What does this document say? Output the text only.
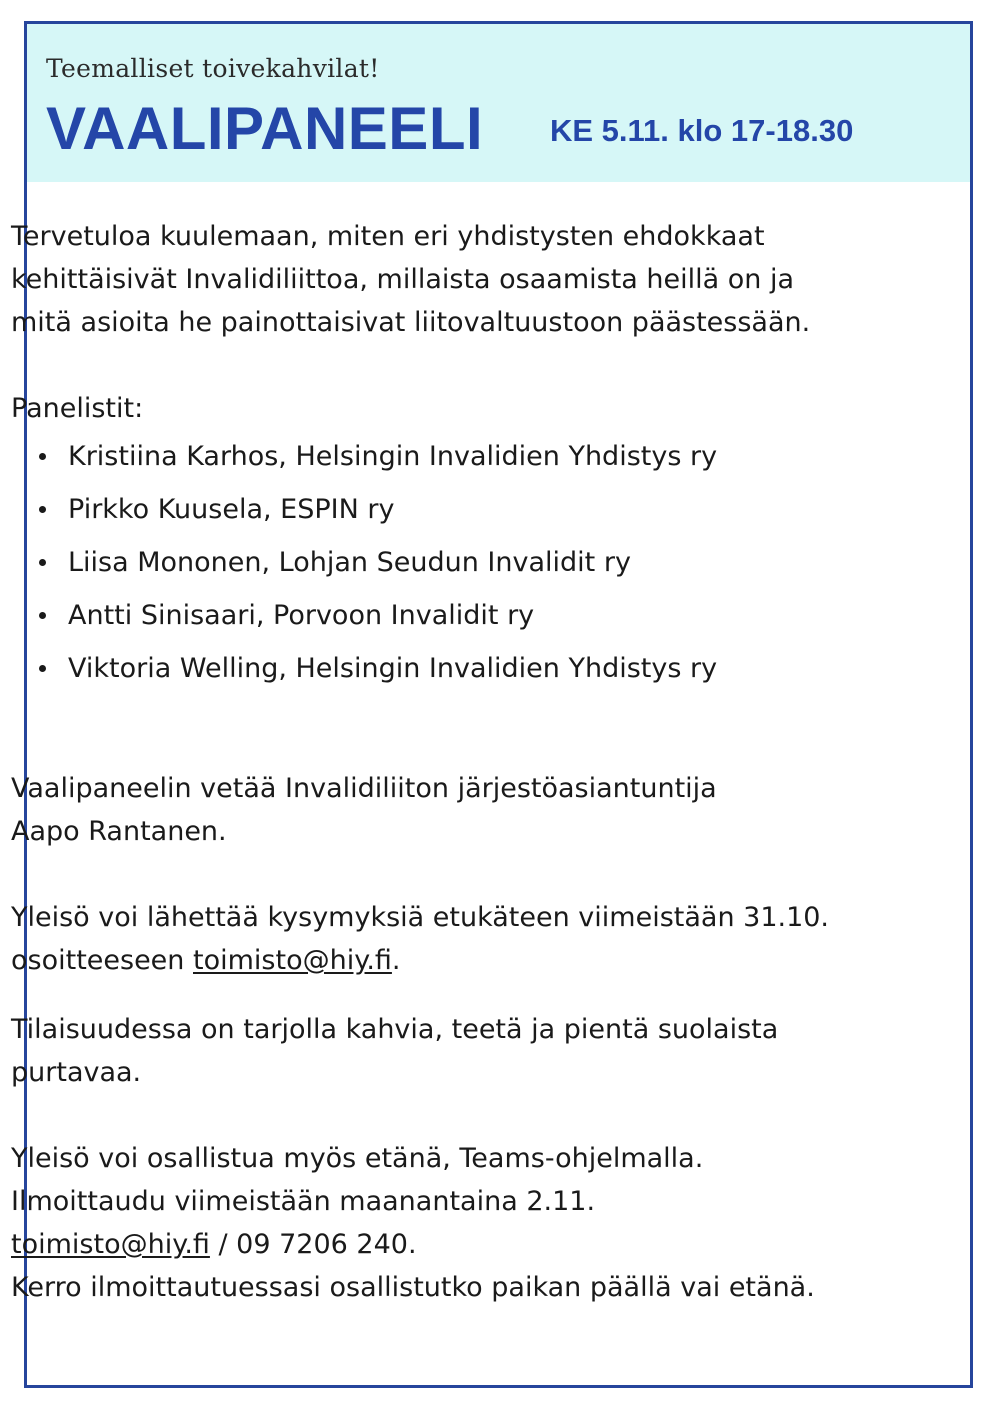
Teemalliset toivekahvilat!
VAALIPANEELI KE 5.11. klo 17-18.30

Tervetuloa kuulemaan, miten eri yhdistysten ehdokkaat

kehittäisivät Invalidiliittoa, millaista osaamista heillä on ja

mitä asioita he painottaisivat liitovaltuustoon päästessään.

Panelistit:

Kristiina Karhos, Helsingin Invalidien Yhdistys ry
Pirkko Kuusela, ESPIN ry
Liisa Mononen, Lohjan Seudun Invalidit ry
Antti Sinisaari, Porvoon Invalidit ry
Viktoria Welling, Helsingin Invalidien Yhdistys ry

Vaalipaneelin vetää Invalidiliiton järjestöasiantuntija

Aapo Rantanen.

Yleisö voi lähettää kysymyksiä etukäteen viimeistään 31.10.

osoitteeseen toimisto@hiy.fi.

Tilaisuudessa on tarjolla kahvia, teetä ja pientä suolaista

purtavaa.

Yleisö voi osallistua myös etänä, Teams-ohjelmalla.

Ilmoittaudu viimeistään maanantaina 2.11.

toimisto@hiy.fi / 09 7206 240.

Kerro ilmoittautuessasi osallistutko paikan päällä vai etänä.
